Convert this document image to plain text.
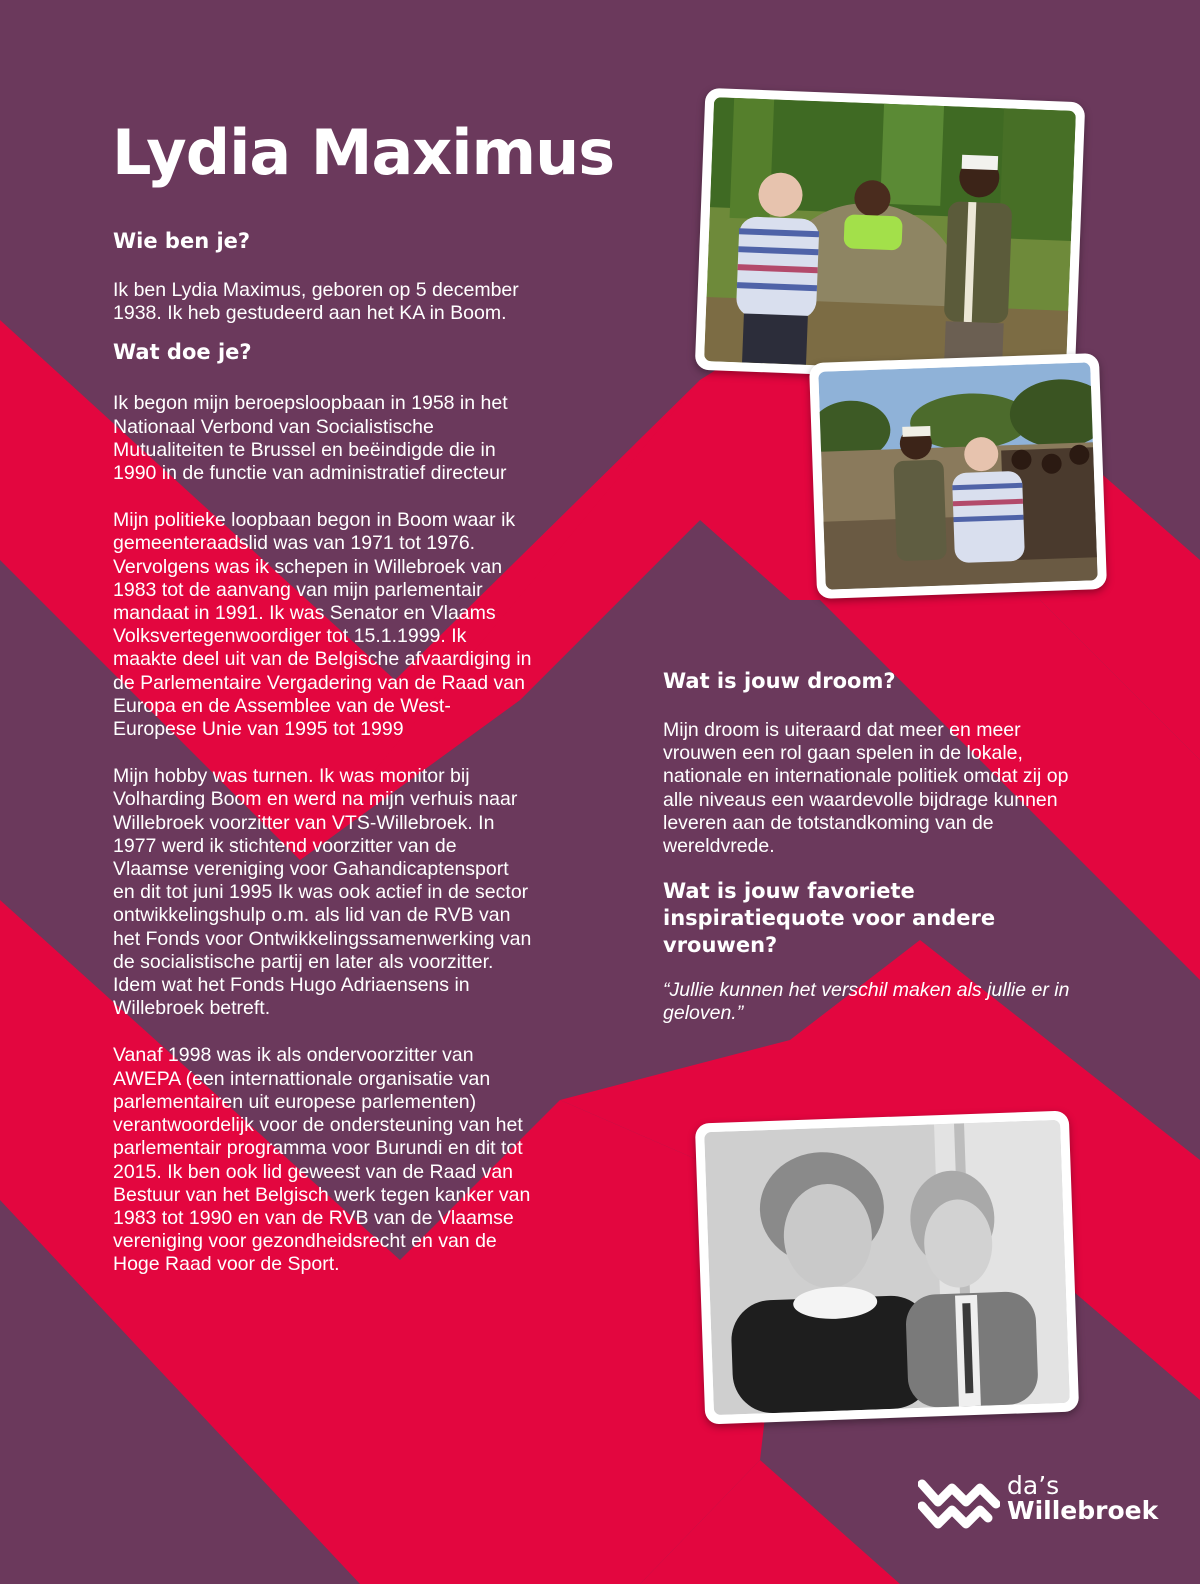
Lydia Maximus
Wie ben je?

Ik ben Lydia Maximus, geboren op 5 december 1938. Ik heb gestudeerd aan het KA in Boom.

Wat doe je?

Ik begon mijn beroepsloopbaan in 1958 in het Nationaal Verbond van Socialistische Mutualiteiten te Brussel en beëindigde die in 1990 in de functie van administratief directeur

Mijn politieke loopbaan begon in Boom waar ik gemeenteraadslid was van 1971 tot 1976. Vervolgens was ik schepen in Willebroek van 1983 tot de aanvang van mijn parlementair mandaat in 1991. Ik was Senator en Vlaams Volksvertegenwoordiger tot 15.1.1999. Ik maakte deel uit van de Belgische afvaardiging in de Parlementaire Vergadering van de Raad van Europa en de Assemblee van de West-Europese Unie van 1995 tot 1999

Mijn hobby was turnen. Ik was monitor bij Volharding Boom en werd na mijn verhuis naar Willebroek voorzitter van VTS-Willebroek. In 1977 werd ik stichtend voorzitter van de Vlaamse vereniging voor Gahandicaptensport en dit tot juni 1995 Ik was ook actief in de sector ontwikkelingshulp o.m. als lid van de RVB van het Fonds voor Ontwikkelingssamenwerking van de socialistische partij en later als voorzitter. Idem wat het Fonds Hugo Adriaensens in Willebroek betreft.

Vanaf 1998 was ik als ondervoorzitter van AWEPA (een internattionale organisatie van parlementairen uit europese parlementen) verantwoordelijk voor de ondersteuning van het parlementair programma voor Burundi en dit tot 2015. Ik ben ook lid geweest van de Raad van Bestuur van het Belgisch werk tegen kanker van 1983 tot 1990 en van de RVB van de Vlaamse vereniging voor gezondheidsrecht en van de Hoge Raad voor de Sport.

Wat is jouw droom?

Mijn droom is uiteraard dat meer en meer vrouwen een rol gaan spelen in de lokale, nationale en internationale politiek omdat zij op alle niveaus een waardevolle bijdrage kunnen leveren aan de totstandkoming van de wereldvrede.

Wat is jouw favoriete inspiratiequote voor andere vrouwen?

“Jullie kunnen het verschil maken als jullie er in geloven.”

da’s
Willebroek
